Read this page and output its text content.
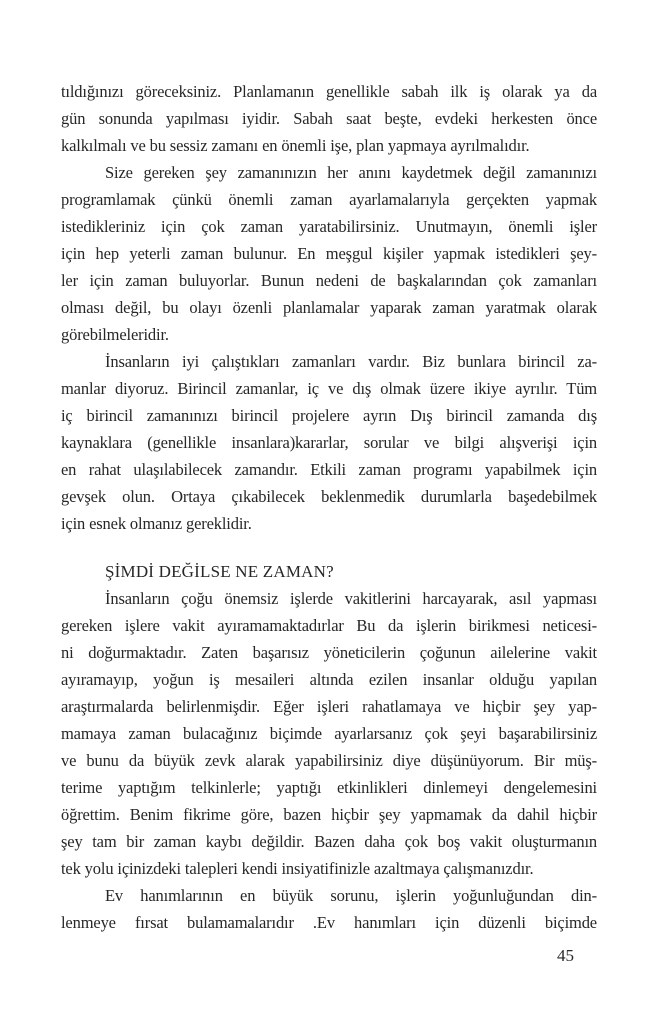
tıldığınızı göreceksiniz. Planlamanın genellikle sabah ilk iş olarak ya da
gün sonunda yapılması iyidir. Sabah saat beşte, evdeki herkesten önce
kalkılmalı ve bu sessiz zamanı en önemli işe, plan yapmaya ayrılmalıdır.
Size gereken şey zamanınızın her anını kaydetmek değil zamanınızı
programlamak çünkü önemli zaman ayarlamalarıyla gerçekten yapmak
istedikleriniz için çok zaman yaratabilirsiniz. Unutmayın, önemli işler
için hep yeterli zaman bulunur. En meşgul kişiler yapmak istedikleri şey-
ler için zaman buluyorlar. Bunun nedeni de başkalarından çok zamanları
olması değil, bu olayı özenli planlamalar yaparak zaman yaratmak olarak
görebilmeleridir.
İnsanların iyi çalıştıkları zamanları vardır. Biz bunlara birincil za-
manlar diyoruz. Birincil zamanlar, iç ve dış olmak üzere ikiye ayrılır. Tüm
iç birincil zamanınızı birincil projelere ayrın Dış birincil zamanda dış
kaynaklara (genellikle insanlara)kararlar, sorular ve bilgi alışverişi için
en rahat ulaşılabilecek zamandır. Etkili zaman programı yapabilmek için
gevşek olun. Ortaya çıkabilecek beklenmedik durumlarla başedebilmek
için esnek olmanız gereklidir.
ŞİMDİ DEĞİLSE NE ZAMAN?
İnsanların çoğu önemsiz işlerde vakitlerini harcayarak, asıl yapması
gereken işlere vakit ayıramamaktadırlar Bu da işlerin birikmesi neticesi-
ni doğurmaktadır. Zaten başarısız yöneticilerin çoğunun ailelerine vakit
ayıramayıp, yoğun iş mesaileri altında ezilen insanlar olduğu yapılan
araştırmalarda belirlenmişdir. Eğer işleri rahatlamaya ve hiçbir şey yap-
mamaya zaman bulacağınız biçimde ayarlarsanız çok şeyi başarabilirsiniz
ve bunu da büyük zevk alarak yapabilirsiniz diye düşünüyorum. Bir müş-
terime yaptığım telkinlerle; yaptığı etkinlikleri dinlemeyi dengelemesini
öğrettim. Benim fikrime göre, bazen hiçbir şey yapmamak da dahil hiçbir
şey tam bir zaman kaybı değildir. Bazen daha çok boş vakit oluşturmanın
tek yolu içinizdeki talepleri kendi insiyatifinizle azaltmaya çalışmanızdır.
Ev hanımlarının en büyük sorunu, işlerin yoğunluğundan din-
lenmeye fırsat bulamamalarıdır .Ev hanımları için düzenli biçimde
45
